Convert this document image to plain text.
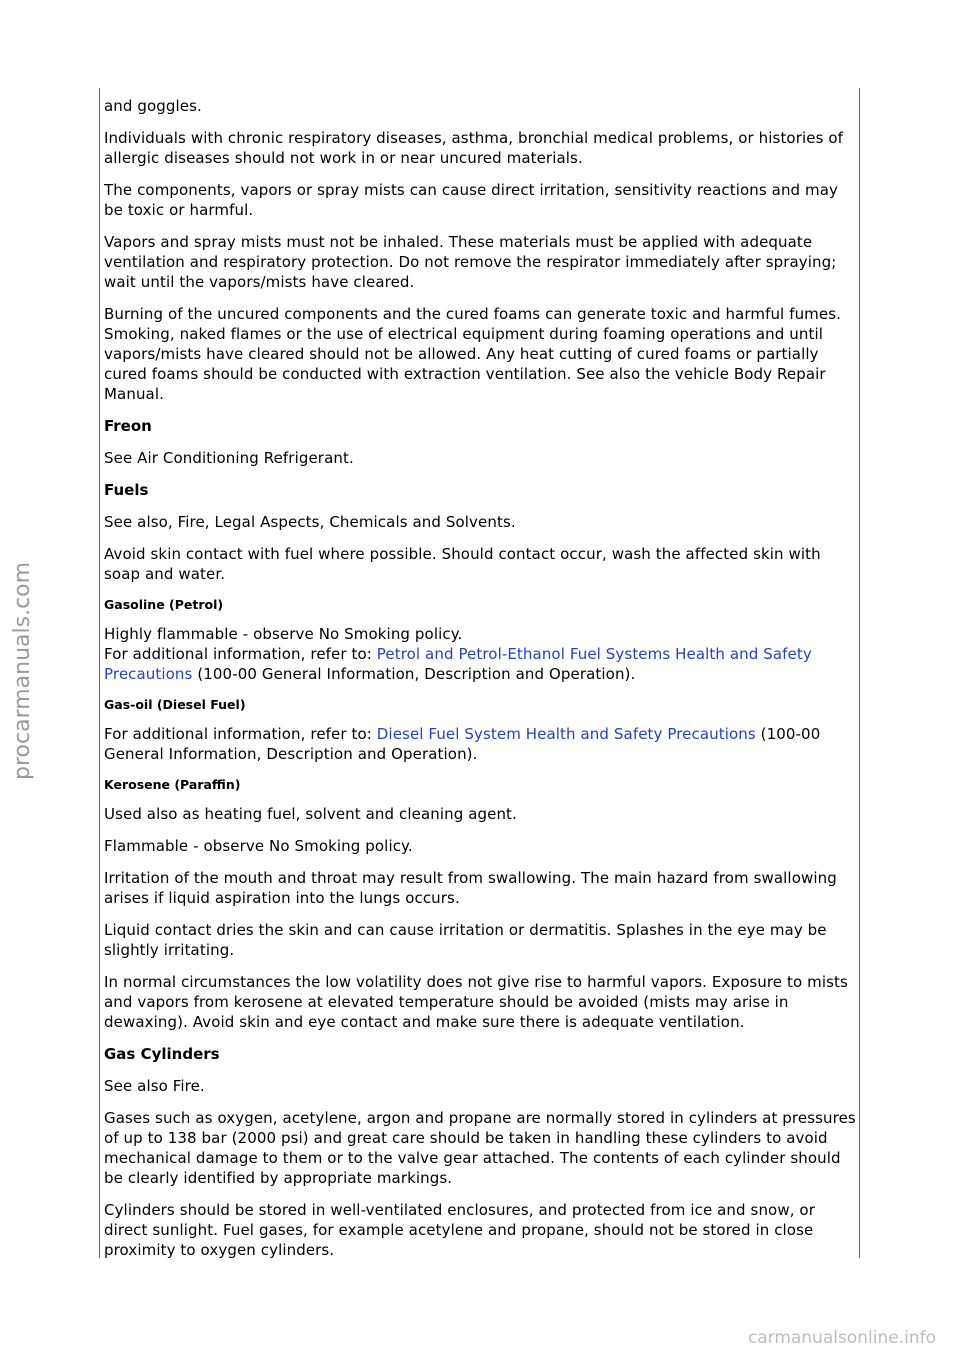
procarmanuals.com

and goggles.

Individuals with chronic respiratory diseases, asthma, bronchial medical problems, or histories of allergic diseases should not work in or near uncured materials.

The components, vapors or spray mists can cause direct irritation, sensitivity reactions and may be toxic or harmful.

Vapors and spray mists must not be inhaled. These materials must be applied with adequate ventilation and respiratory protection. Do not remove the respirator immediately after spraying; wait until the vapors/mists have cleared.

Burning of the uncured components and the cured foams can generate toxic and harmful fumes. Smoking, naked flames or the use of electrical equipment during foaming operations and until vapors/mists have cleared should not be allowed. Any heat cutting of cured foams or partially cured foams should be conducted with extraction ventilation. See also the vehicle Body Repair Manual.

Freon

See Air Conditioning Refrigerant.

Fuels

See also, Fire, Legal Aspects, Chemicals and Solvents.

Avoid skin contact with fuel where possible. Should contact occur, wash the affected skin with soap and water.

Gasoline (Petrol)

Highly flammable - observe No Smoking policy.
For additional information, refer to: Petrol and Petrol-Ethanol Fuel Systems Health and Safety Precautions (100-00 General Information, Description and Operation).

Gas-oil (Diesel Fuel)

For additional information, refer to: Diesel Fuel System Health and Safety Precautions (100-00 General Information, Description and Operation).

Kerosene (Paraffin)

Used also as heating fuel, solvent and cleaning agent.

Flammable - observe No Smoking policy.

Irritation of the mouth and throat may result from swallowing. The main hazard from swallowing arises if liquid aspiration into the lungs occurs.

Liquid contact dries the skin and can cause irritation or dermatitis. Splashes in the eye may be slightly irritating.

In normal circumstances the low volatility does not give rise to harmful vapors. Exposure to mists and vapors from kerosene at elevated temperature should be avoided (mists may arise in dewaxing). Avoid skin and eye contact and make sure there is adequate ventilation.

Gas Cylinders

See also Fire.

Gases such as oxygen, acetylene, argon and propane are normally stored in cylinders at pressures of up to 138 bar (2000 psi) and great care should be taken in handling these cylinders to avoid mechanical damage to them or to the valve gear attached. The contents of each cylinder should be clearly identified by appropriate markings.

Cylinders should be stored in well-ventilated enclosures, and protected from ice and snow, or direct sunlight. Fuel gases, for example acetylene and propane, should not be stored in close proximity to oxygen cylinders.

carmanualsonline.info
